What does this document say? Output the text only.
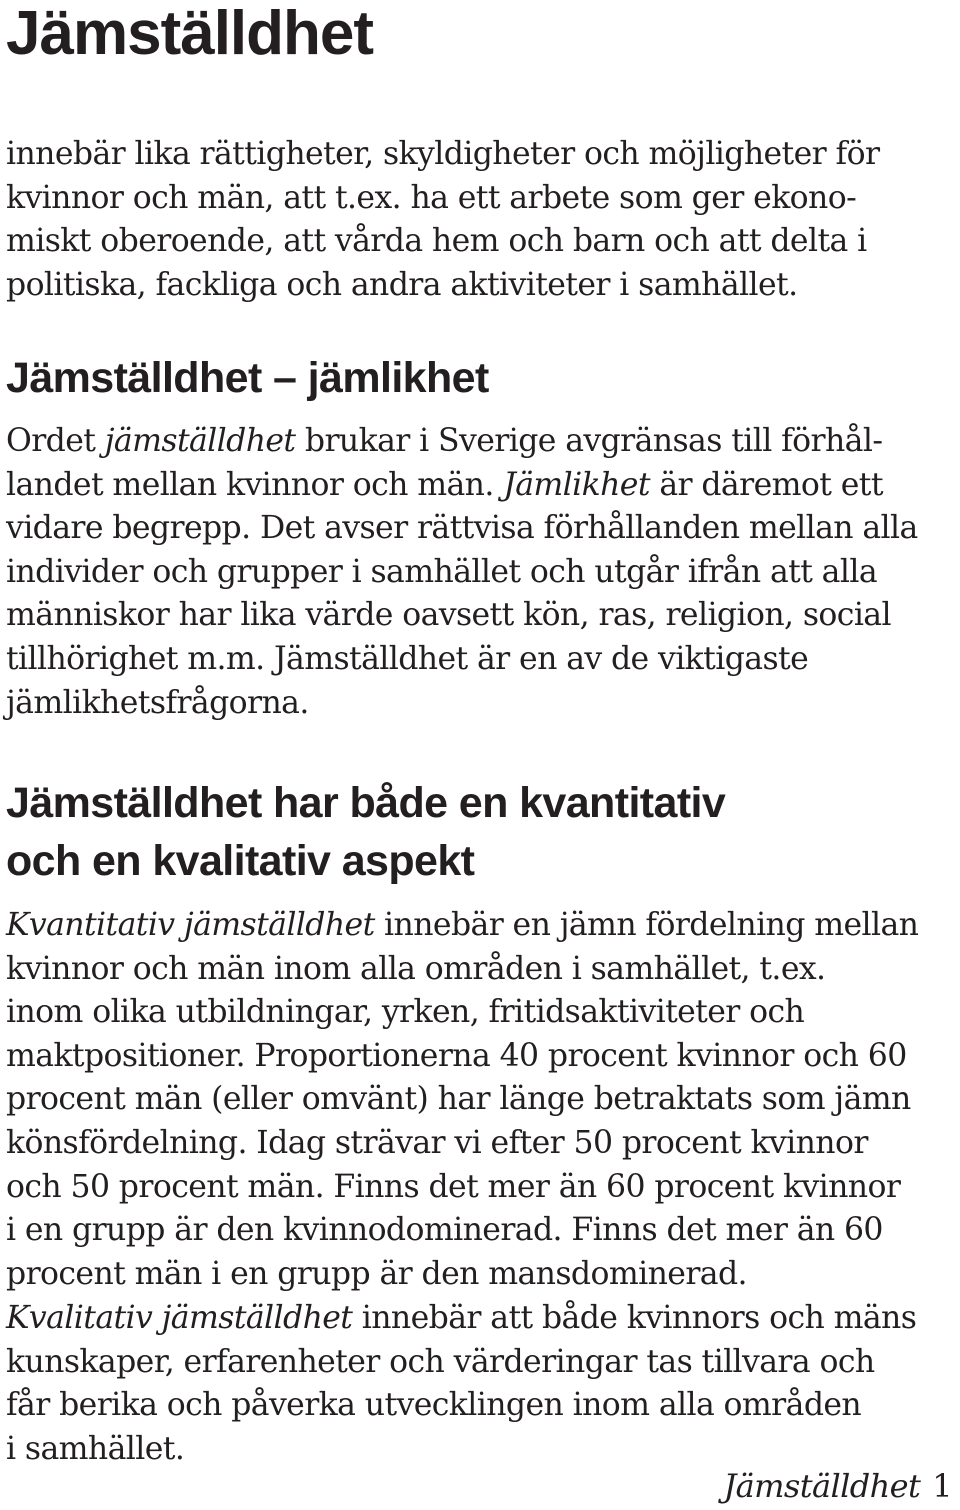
Jämställdhet

innebär lika rättigheter, skyldigheter och möjligheter för
kvinnor och män, att t.ex. ha ett arbete som ger ekono-
miskt oberoende, att vårda hem och barn och att delta i
politiska, fackliga och andra aktiviteter i samhället.

Jämställdhet – jämlikhet

Ordet jämställdhet brukar i Sverige avgränsas till förhål-
landet mellan kvinnor och män. Jämlikhet är däremot ett
vidare begrepp. Det avser rättvisa förhållanden mellan alla
individer och grupper i samhället och utgår ifrån att alla
människor har lika värde oavsett kön, ras, religion, social
tillhörighet m.m. Jämställdhet är en av de viktigaste
jämlikhetsfrågorna.

Jämställdhet har både en kvantitativ
och en kvalitativ aspekt

Kvantitativ jämställdhet innebär en jämn fördelning mellan
kvinnor och män inom alla områden i samhället, t.ex.
inom olika utbildningar, yrken, fritidsaktiviteter och
maktpositioner. Proportionerna 40 procent kvinnor och 60
procent män (eller omvänt) har länge betraktats som jämn
könsfördelning. Idag strävar vi efter 50 procent kvinnor
och 50 procent män. Finns det mer än 60 procent kvinnor
i en grupp är den kvinnodominerad. Finns det mer än 60
procent män i en grupp är den mansdominerad.

Kvalitativ jämställdhet innebär att både kvinnors och mäns
kunskaper, erfarenheter och värderingar tas tillvara och
får berika och påverka utvecklingen inom alla områden
i samhället.

Jämställdhet 1
